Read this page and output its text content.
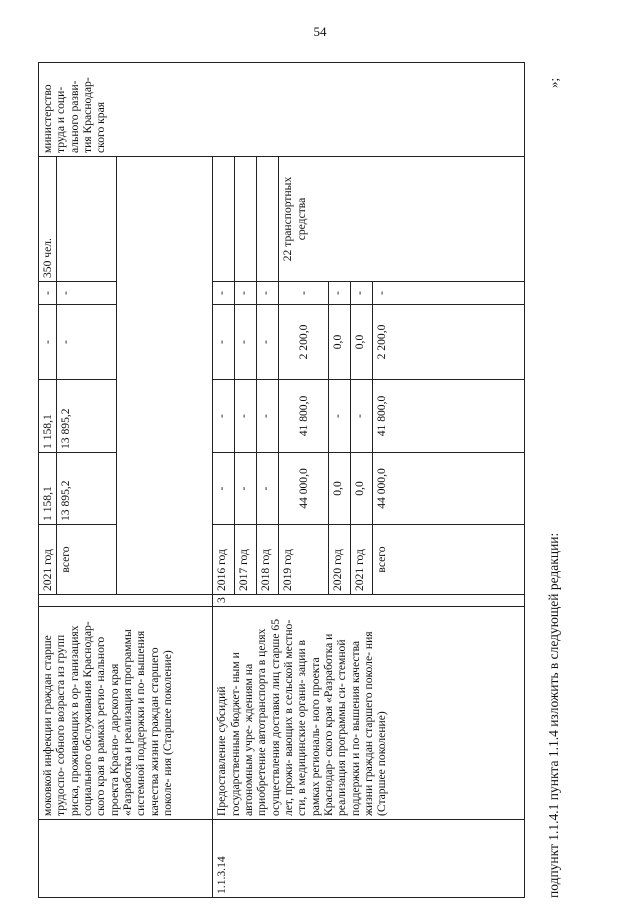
54
	моковкой инфекции граждан старше трудоспо- собного возраста из групп риска, проживающих в ор- ганизациях социального обслуживания Краснодар- ского края в рамках регио- нального проекта Красно- дарского края «Разработка и реализация программы системной поддержки и по- вышения качества жизни граждан старшего поколе- ния (Старшее поколение)		2021 год	1 158,1	1 158,1	-	-	350 чел.	министерство труда и соци- ального разви- тия Краснодар- ского края
			всего	13 895,2	13 895,2	-	-		

1.1.3.14	Предоставление субсидий государственным бюджет- ным и автономным учре- ждениям на приобретение автотранспорта в целях осуществления доставки лиц старше 65 лет, прожи- вающих в сельской местно- сти, в медицинские органи- зации в рамках региональ- ного проекта Краснодар- ского края «Разработка и реализация программы си- стемной поддержки и по- вышения качества жизни граждан старшего поколе- ния (Старшее поколение)	3	2016 год	-	-	-	-		
			2017 год	-	-	-	-		
			2018 год	-	-	-	-		
			2019 год	44 000,0	41 800,0	2 200,0	-	22 транспортных средства	
			2020 год	0,0	-	0,0	-		
			2021 год	0,0	-	0,0	-		
			всего	44 000,0	41 800,0	2 200,0	-		
подпункт 1.1.4.1 пункта 1.1.4 изложить в следующей редакции:
»;
